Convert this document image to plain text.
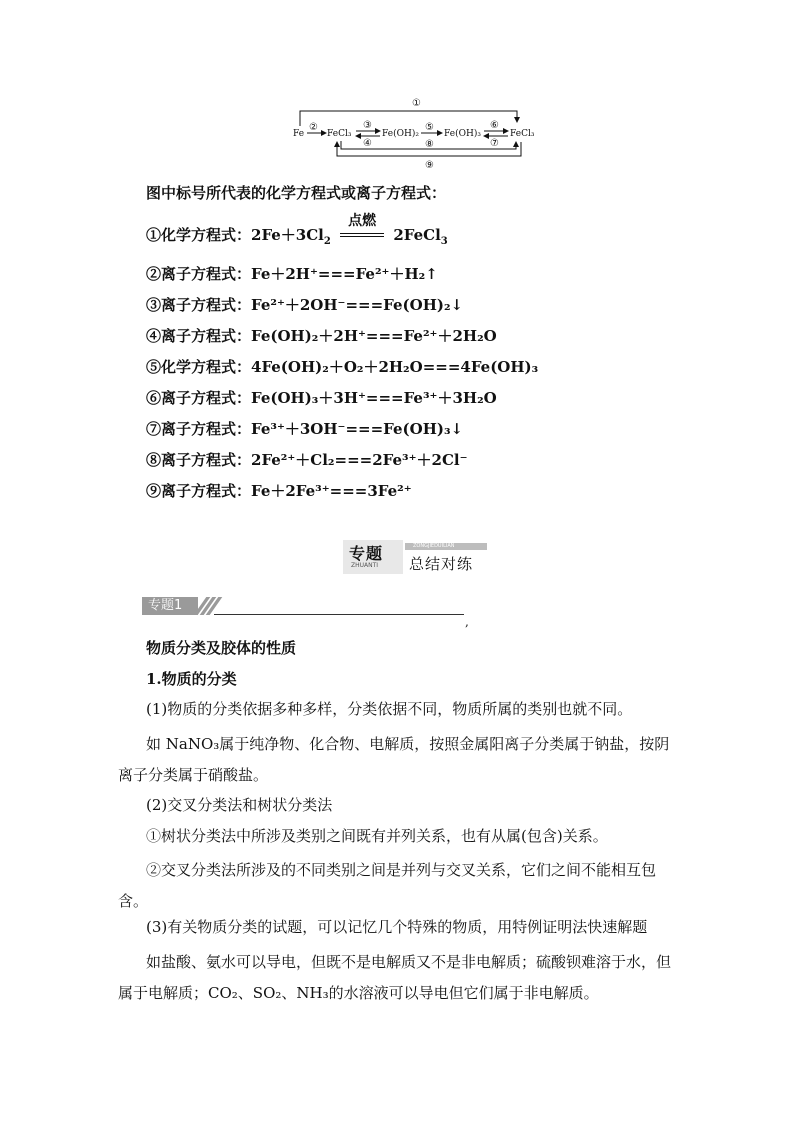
Fe	FeCl₃	Fe(OH)₂	Fe(OH)₃	FeCl₃
①
②	③
④
⑤	⑥
⑦
⑧
⑨
图中标号所代表的化学方程式或离子方程式：
①化学方程式：$2Fe+3Cl_2$
点燃
2FeCl$_3$
②离子方程式：Fe＋2H⁺===Fe²⁺＋H₂↑
③离子方程式：Fe²⁺＋2OH⁻===Fe(OH)₂↓
④离子方程式：Fe(OH)₂＋2H⁺===Fe²⁺＋2H₂O
⑤化学方程式：4Fe(OH)₂＋O₂＋2H₂O===4Fe(OH)₃
⑥离子方程式：Fe(OH)₃＋3H⁺===Fe³⁺＋3H₂O
⑦离子方程式：Fe³⁺＋3OH⁻===Fe(OH)₃↓
⑧离子方程式：2Fe²⁺＋Cl₂===2Fe³⁺＋2Cl⁻
⑨离子方程式：Fe＋2Fe³⁺===3Fe²⁺
专题
ZHUANTI
ZONGJIEDUILIAN
总结对练
专题1
,
物质分类及胶体的性质
1.物质的分类
(1)物质的分类依据多种多样，分类依据不同，物质所属的类别也就不同。
如 NaNO₃属于纯净物、化合物、电解质，按照金属阳离子分类属于钠盐，按阴离子分类属于硝酸盐。
(2)交叉分类法和树状分类法
①树状分类法中所涉及类别之间既有并列关系，也有从属(包含)关系。
②交叉分类法所涉及的不同类别之间是并列与交叉关系，它们之间不能相互包含。
(3)有关物质分类的试题，可以记忆几个特殊的物质，用特例证明法快速解题
如盐酸、氨水可以导电，但既不是电解质又不是非电解质；硫酸钡难溶于水，但属于电解质；CO₂、SO₂、NH₃的水溶液可以导电但它们属于非电解质。
